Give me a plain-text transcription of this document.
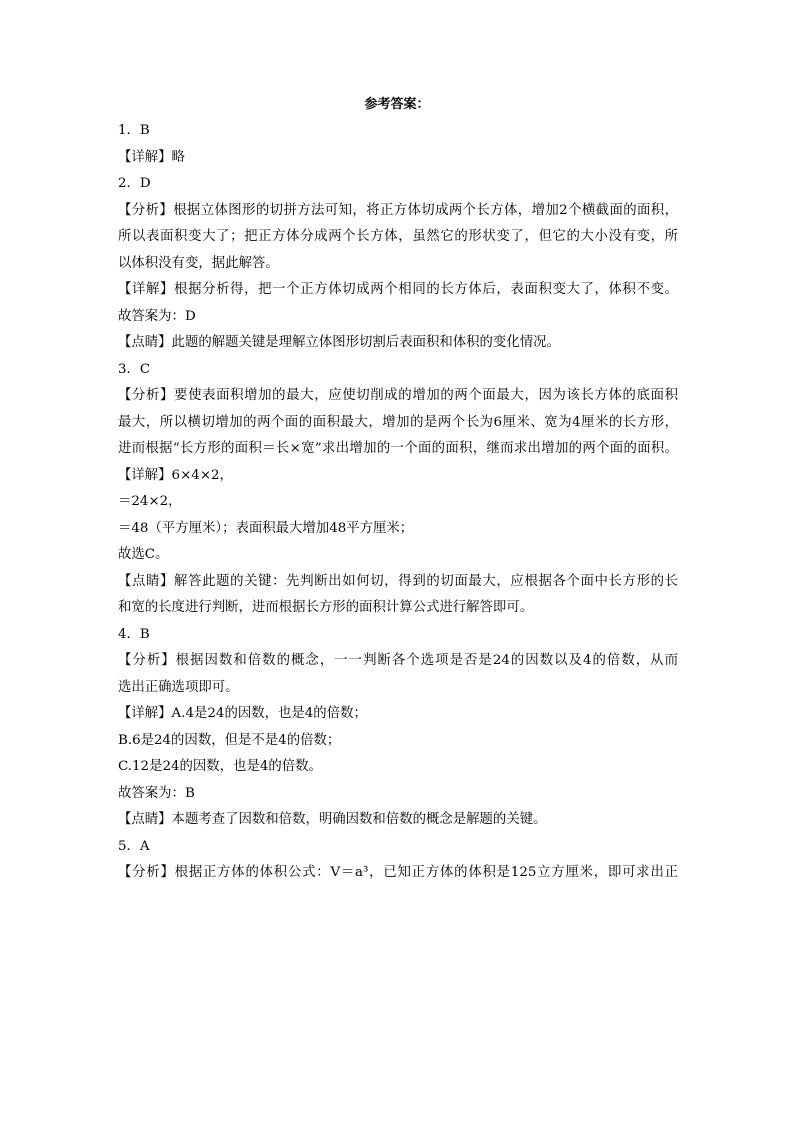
参考答案：
1．B
【详解】略
2．D
【分析】根据立体图形的切拼方法可知，将正方体切成两个长方体，增加2个横截面的面积，
所以表面积变大了；把正方体分成两个长方体，虽然它的形状变了，但它的大小没有变，所
以体积没有变，据此解答。
【详解】根据分析得，把一个正方体切成两个相同的长方体后，表面积变大了，体积不变。
故答案为：D
【点睛】此题的解题关键是理解立体图形切割后表面积和体积的变化情况。
3．C
【分析】要使表面积增加的最大，应使切削成的增加的两个面最大，因为该长方体的底面积
最大，所以横切增加的两个面的面积最大，增加的是两个长为6厘米、宽为4厘米的长方形，
进而根据“长方形的面积＝长×宽”求出增加的一个面的面积，继而求出增加的两个面的面积。
【详解】6×4×2，
＝24×2，
＝48（平方厘米）；表面积最大增加48平方厘米；
故选C。
【点睛】解答此题的关键：先判断出如何切，得到的切面最大，应根据各个面中长方形的长
和宽的长度进行判断，进而根据长方形的面积计算公式进行解答即可。
4．B
【分析】根据因数和倍数的概念，一一判断各个选项是否是24的因数以及4的倍数，从而
选出正确选项即可。
【详解】A.4是24的因数，也是4的倍数；
B.6是24的因数，但是不是4的倍数；
C.12是24的因数，也是4的倍数。
故答案为：B
【点睛】本题考查了因数和倍数，明确因数和倍数的概念是解题的关键。
5．A
【分析】根据正方体的体积公式：V＝a³，已知正方体的体积是125立方厘米，即可求出正
